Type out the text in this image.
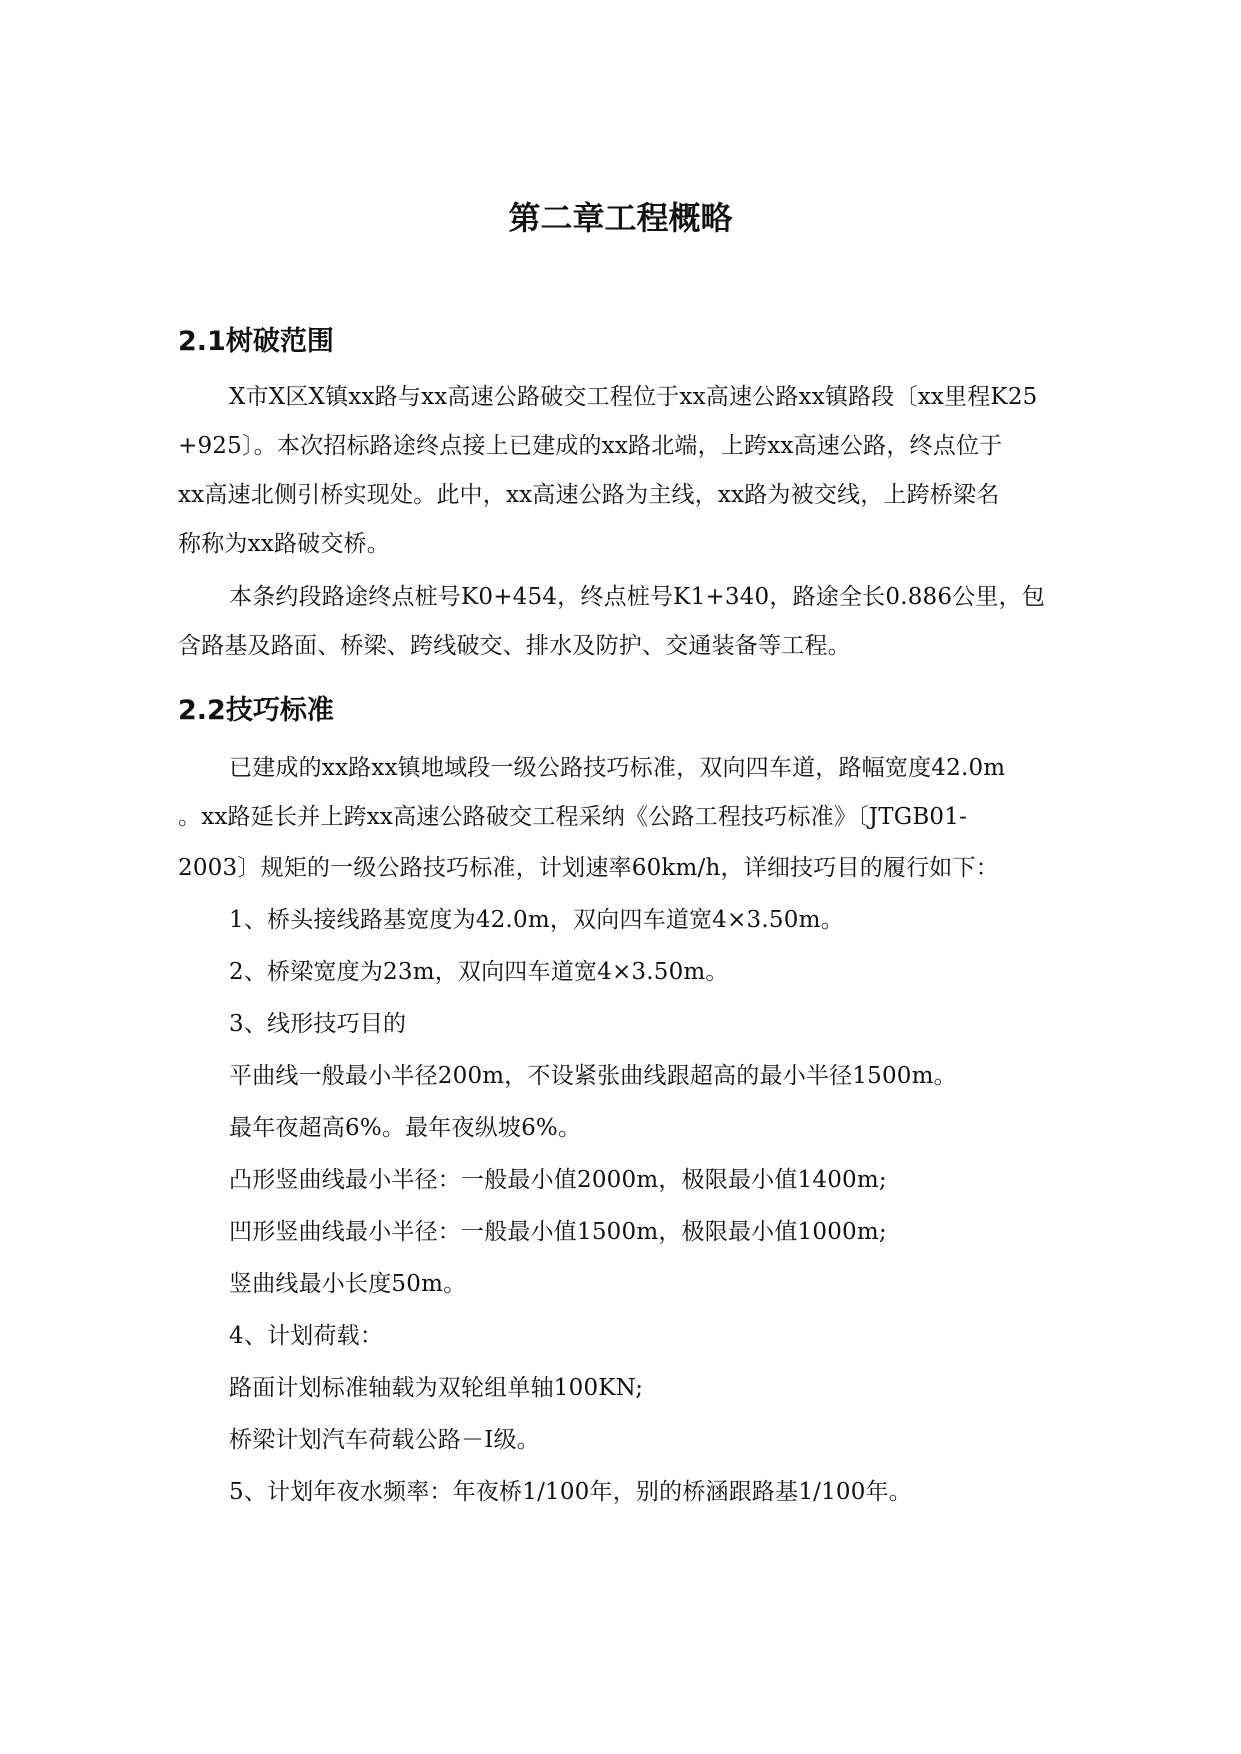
第二章工程概略
2.1树破范围
X市X区X镇xx路与xx高速公路破交工程位于xx高速公路xx镇路段〔xx里程K25
+925〕。本次招标路途终点接上已建成的xx路北端，上跨xx高速公路，终点位于
xx高速北侧引桥实现处。此中，xx高速公路为主线，xx路为被交线，上跨桥梁名
称称为xx路破交桥。
本条约段路途终点桩号K0+454，终点桩号K1+340，路途全长0.886公里，包
含路基及路面、桥梁、跨线破交、排水及防护、交通装备等工程。
2.2技巧标准
已建成的xx路xx镇地域段一级公路技巧标准，双向四车道，路幅宽度42.0m
。xx路延长并上跨xx高速公路破交工程采纳《公路工程技巧标准》〔JTGB01-
2003〕规矩的一级公路技巧标准，计划速率60km/h，详细技巧目的履行如下：
1、桥头接线路基宽度为42.0m，双向四车道宽4×3.50m。
2、桥梁宽度为23m，双向四车道宽4×3.50m。
3、线形技巧目的
平曲线一般最小半径200m，不设紧张曲线跟超高的最小半径1500m。
最年夜超高6%。最年夜纵坡6%。
凸形竖曲线最小半径：一般最小值2000m，极限最小值1400m;
凹形竖曲线最小半径：一般最小值1500m，极限最小值1000m;
竖曲线最小长度50m。
4、计划荷载：
路面计划标准轴载为双轮组单轴100KN;
桥梁计划汽车荷载公路－I级。
5、计划年夜水频率：年夜桥1/100年，别的桥涵跟路基1/100年。
